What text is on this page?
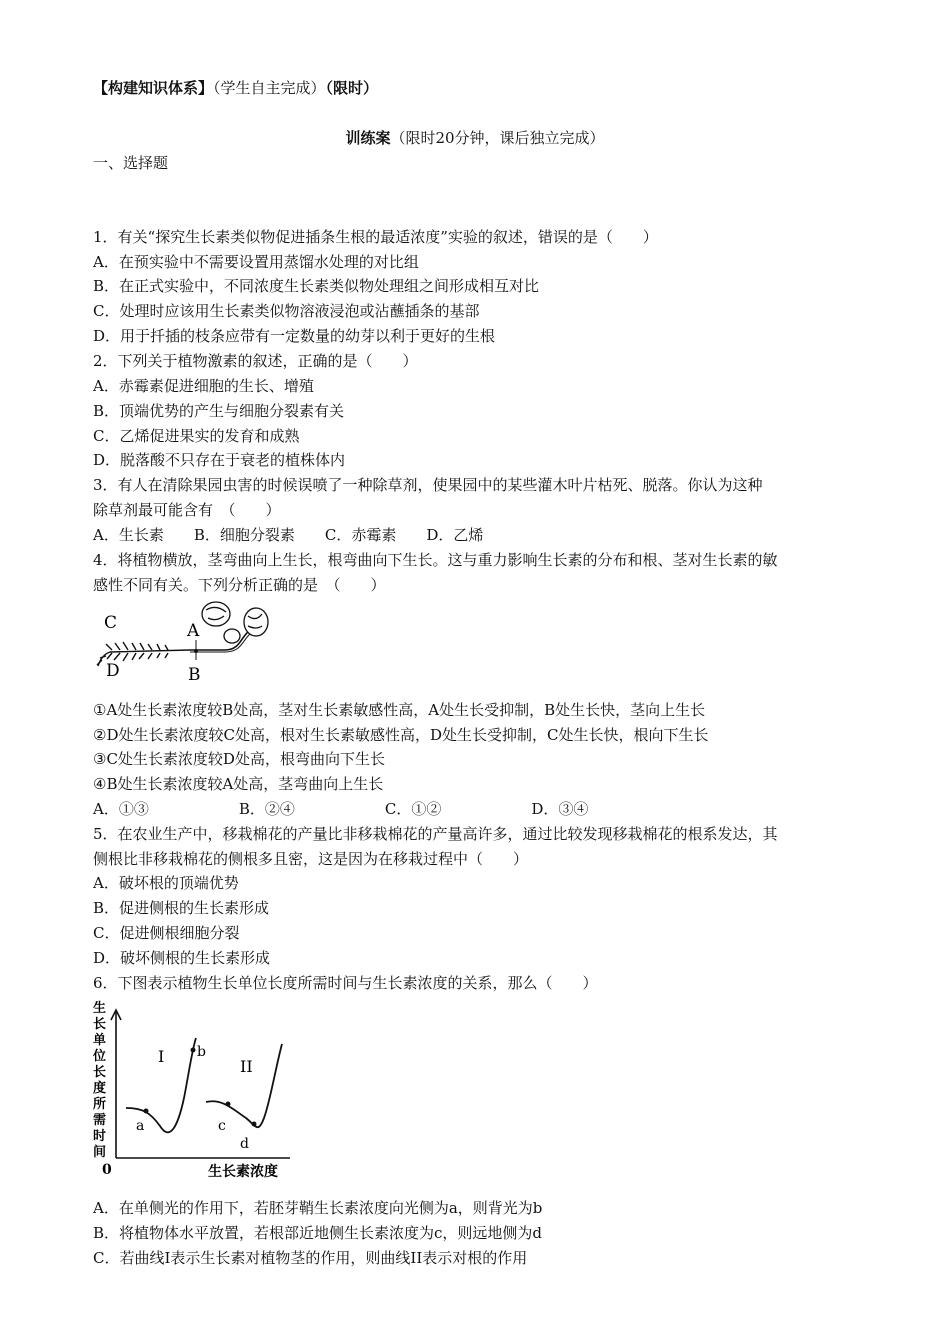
【构建知识体系】（学生自主完成）（限时）
训练案（限时20分钟，课后独立完成）
一、选择题
1．有关“探究生长素类似物促进插条生根的最适浓度”实验的叙述，错误的是（　　）
A．在预实验中不需要设置用蒸馏水处理的对比组
B．在正式实验中，不同浓度生长素类似物处理组之间形成相互对比
C．处理时应该用生长素类似物溶液浸泡或沾蘸插条的基部
D．用于扦插的枝条应带有一定数量的幼芽以利于更好的生根
2．下列关于植物激素的叙述，正确的是（　　）
A．赤霉素促进细胞的生长、增殖
B．顶端优势的产生与细胞分裂素有关
C．乙烯促进果实的发育和成熟
D．脱落酸不只存在于衰老的植株体内
3．有人在清除果园虫害的时候误喷了一种除草剂，使果园中的某些灌木叶片枯死、脱落。你认为这种
除草剂最可能含有　（　　）
A．生长素　　B．细胞分裂素　　C．赤霉素　　D．乙烯
4．将植物横放，茎弯曲向上生长，根弯曲向下生长。这与重力影响生长素的分布和根、茎对生长素的敏
感性不同有关。下列分析正确的是　（　　）
C
D
A
B
①A处生长素浓度较B处高，茎对生长素敏感性高，A处生长受抑制，B处生长快，茎向上生长
②D处生长素浓度较C处高，根对生长素敏感性高，D处生长受抑制，C处生长快，根向下生长
③C处生长素浓度较D处高，根弯曲向下生长
④B处生长素浓度较A处高，茎弯曲向上生长
A．①③　　　　　　B．②④　　　　　　C．①②　　　　　　D．③④
5．在农业生产中，移栽棉花的产量比非移栽棉花的产量高许多，通过比较发现移栽棉花的根系发达，其
侧根比非移栽棉花的侧根多且密，这是因为在移栽过程中（　　）
A．破坏根的顶端优势
B．促进侧根的生长素形成
C．促进侧根细胞分裂
D．破坏侧根的生长素形成
6．下图表示植物生长单位长度所需时间与生长素浓度的关系，那么（　　）
生
长
单
位
长
度
所
需
时
间
0	生长素浓度
a
b
I
c
d
II
A．在单侧光的作用下，若胚芽鞘生长素浓度向光侧为a，则背光为b
B．将植物体水平放置，若根部近地侧生长素浓度为c，则远地侧为d
C．若曲线I表示生长素对植物茎的作用，则曲线II表示对根的作用
